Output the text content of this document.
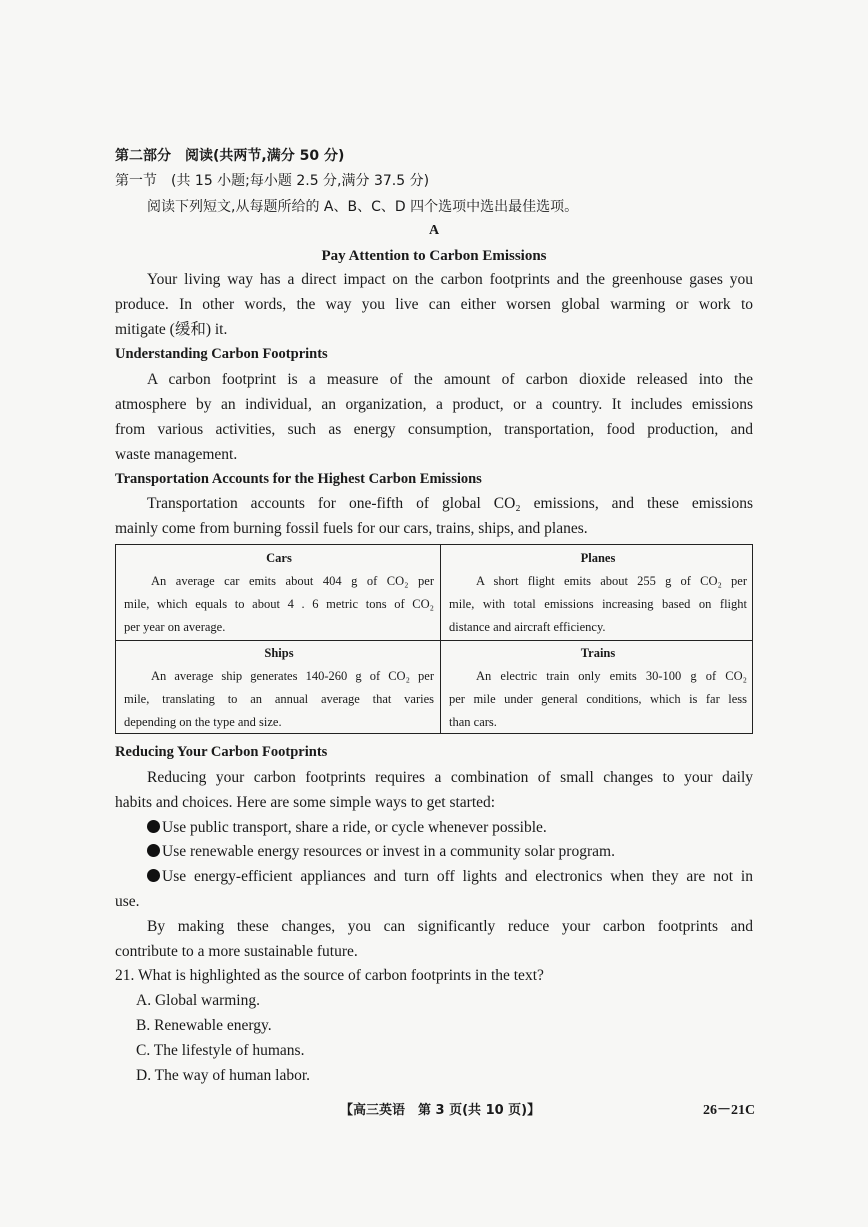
第二部分　阅读(共两节,满分 50 分)
第一节　(共 15 小题;每小题 2.5 分,满分 37.5 分)
阅读下列短文,从每题所给的 A、B、C、D 四个选项中选出最佳选项。
A
Pay Attention to Carbon Emissions
Your living way has a direct impact on the carbon footprints and the greenhouse gases you
produce. In other words, the way you live can either worsen global warming or work to
mitigate (缓和) it.
Understanding Carbon Footprints
A carbon footprint is a measure of the amount of carbon dioxide released into the
atmosphere by an individual, an organization, a product, or a country. It includes emissions
from various activities, such as energy consumption, transportation, food production, and
waste management.
Transportation Accounts for the Highest Carbon Emissions
Transportation accounts for one-fifth of global CO₂ emissions, and these emissions
mainly come from burning fossil fuels for our cars, trains, ships, and planes.
Cars
An average car emits about 404 g of CO₂ per
mile, which equals to about 4 . 6 metric tons of CO₂
per year on average.
Planes
A short flight emits about 255 g of CO₂ per
mile, with total emissions increasing based on flight
distance and aircraft efficiency.
Ships
An average ship generates 140-260 g of CO₂ per
mile, translating to an annual average that varies
depending on the type and size.
Trains
An electric train only emits 30-100 g of CO₂
per mile under general conditions, which is far less
than cars.
Reducing Your Carbon Footprints
Reducing your carbon footprints requires a combination of small changes to your daily
habits and choices. Here are some simple ways to get started:
Use public transport, share a ride, or cycle whenever possible.
Use renewable energy resources or invest in a community solar program.
Use energy-efficient appliances and turn off lights and electronics when they are not in
use.
By making these changes, you can significantly reduce your carbon footprints and
contribute to a more sustainable future.
21. What is highlighted as the source of carbon footprints in the text?
A. Global warming.
B. Renewable energy.
C. The lifestyle of humans.
D. The way of human labor.
【高三英语　第 3 页(共 10 页)】	26－21C
